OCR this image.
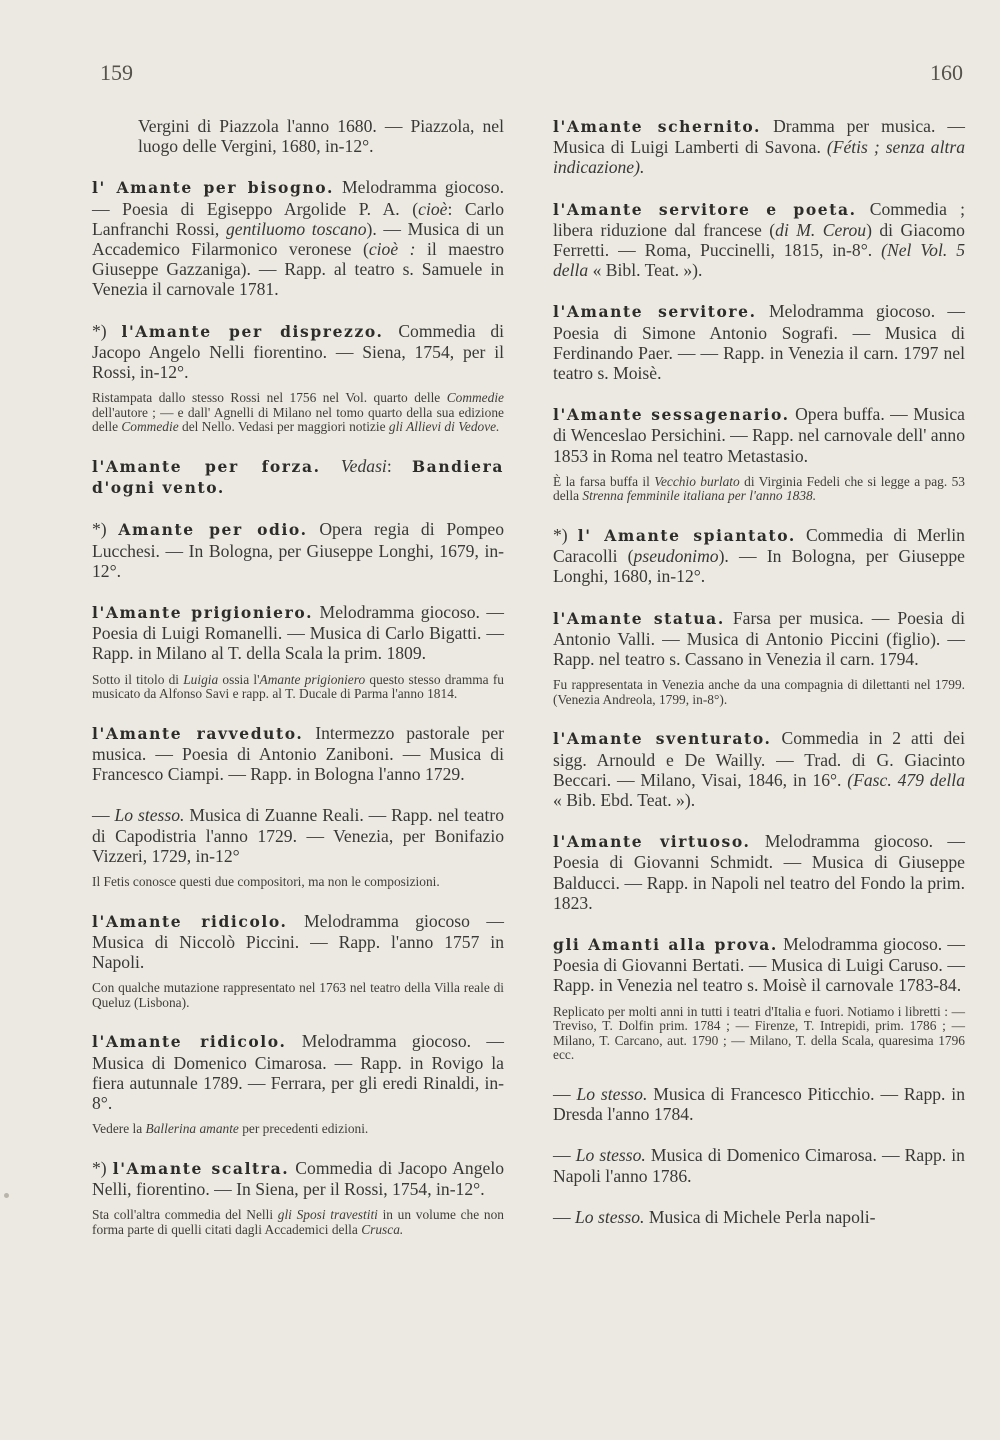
159	160
Vergini di Piazzola l'anno 1680. — Piazzola, nel luogo delle Vergini, 1680, in-12°.
l' Amante per bisogno. Melodramma giocoso. — Poesia di Egiseppo Argolide P. A. (cioè: Carlo Lanfranchi Rossi, gentiluomo toscano). — Musica di un Accademico Filarmonico veronese (cioè : il maestro Giuseppe Gazzaniga). — Rapp. al teatro s. Samuele in Venezia il carnovale 1781.
*) l'Amante per disprezzo. Commedia di Jacopo Angelo Nelli fiorentino. — Siena, 1754, per il Rossi, in-12°.
Ristampata dallo stesso Rossi nel 1756 nel Vol. quarto delle Commedie dell'autore ; — e dall' Agnelli di Milano nel tomo quarto della sua edizione delle Commedie del Nello. Vedasi per maggiori notizie gli Allievi di Vedove.
l'Amante per forza. Vedasi: Bandiera d'ogni vento.
*) Amante per odio. Opera regia di Pompeo Lucchesi. — In Bologna, per Giuseppe Longhi, 1679, in-12°.
l'Amante prigioniero. Melodramma giocoso. — Poesia di Luigi Romanelli. — Musica di Carlo Bigatti. — Rapp. in Milano al T. della Scala la prim. 1809.
Sotto il titolo di Luigia ossia l'Amante prigioniero questo stesso dramma fu musicato da Alfonso Savi e rapp. al T. Ducale di Parma l'anno 1814.
l'Amante ravveduto. Intermezzo pastorale per musica. — Poesia di Antonio Zaniboni. — Musica di Francesco Ciampi. — Rapp. in Bologna l'anno 1729.
— Lo stesso. Musica di Zuanne Reali. — Rapp. nel teatro di Capodistria l'anno 1729. — Venezia, per Bonifazio Vizzeri, 1729, in-12°
Il Fetis conosce questi due compositori, ma non le composizioni.
l'Amante ridicolo. Melodramma giocoso — Musica di Niccolò Piccini. — Rapp. l'anno 1757 in Napoli.
Con qualche mutazione rappresentato nel 1763 nel teatro della Villa reale di Queluz (Lisbona).
l'Amante ridicolo. Melodramma giocoso. — Musica di Domenico Cimarosa. — Rapp. in Rovigo la fiera autunnale 1789. — Ferrara, per gli eredi Rinaldi, in-8°.
Vedere la Ballerina amante per precedenti edizioni.
*) l'Amante scaltra. Commedia di Jacopo Angelo Nelli, fiorentino. — In Siena, per il Rossi, 1754, in-12°.
Sta coll'altra commedia del Nelli gli Sposi travestiti in un volume che non forma parte di quelli citati dagli Accademici della Crusca.
l'Amante schernito. Dramma per musica. — Musica di Luigi Lamberti di Savona. (Fétis ; senza altra indicazione).
l'Amante servitore e poeta. Commedia ; libera riduzione dal francese (di M. Cerou) di Giacomo Ferretti. — Roma, Puccinelli, 1815, in-8°. (Nel Vol. 5 della « Bibl. Teat. »).
l'Amante servitore. Melodramma giocoso. — Poesia di Simone Antonio Sografi. — Musica di Ferdinando Paer. — — Rapp. in Venezia il carn. 1797 nel teatro s. Moisè.
l'Amante sessagenario. Opera buffa. — Musica di Wenceslao Persichini. — Rapp. nel carnovale dell' anno 1853 in Roma nel teatro Metastasio.
È la farsa buffa il Vecchio burlato di Virginia Fedeli che si legge a pag. 53 della Strenna femminile italiana per l'anno 1838.
*) l' Amante spiantato. Commedia di Merlin Caracolli (pseudonimo). — In Bologna, per Giuseppe Longhi, 1680, in-12°.
l'Amante statua. Farsa per musica. — Poesia di Antonio Valli. — Musica di Antonio Piccini (figlio). — Rapp. nel teatro s. Cassano in Venezia il carn. 1794.
Fu rappresentata in Venezia anche da una compagnia di dilettanti nel 1799. (Venezia Andreola, 1799, in-8°).
l'Amante sventurato. Commedia in 2 atti dei sigg. Arnould e De Wailly. — Trad. di G. Giacinto Beccari. — Milano, Visai, 1846, in 16°. (Fasc. 479 della « Bib. Ebd. Teat. »).
l'Amante virtuoso. Melodramma giocoso. — Poesia di Giovanni Schmidt. — Musica di Giuseppe Balducci. — Rapp. in Napoli nel teatro del Fondo la prim. 1823.
gli Amanti alla prova. Melodramma giocoso. — Poesia di Giovanni Bertati. — Musica di Luigi Caruso. — Rapp. in Venezia nel teatro s. Moisè il carnovale 1783-84.
Replicato per molti anni in tutti i teatri d'Italia e fuori. Notiamo i libretti : — Treviso, T. Dolfin prim. 1784 ; — Firenze, T. Intrepidi, prim. 1786 ; — Milano, T. Carcano, aut. 1790 ; — Milano, T. della Scala, quaresima 1796 ecc.
— Lo stesso. Musica di Francesco Piticchio. — Rapp. in Dresda l'anno 1784.
— Lo stesso. Musica di Domenico Cimarosa. — Rapp. in Napoli l'anno 1786.
— Lo stesso. Musica di Michele Perla napoli-
